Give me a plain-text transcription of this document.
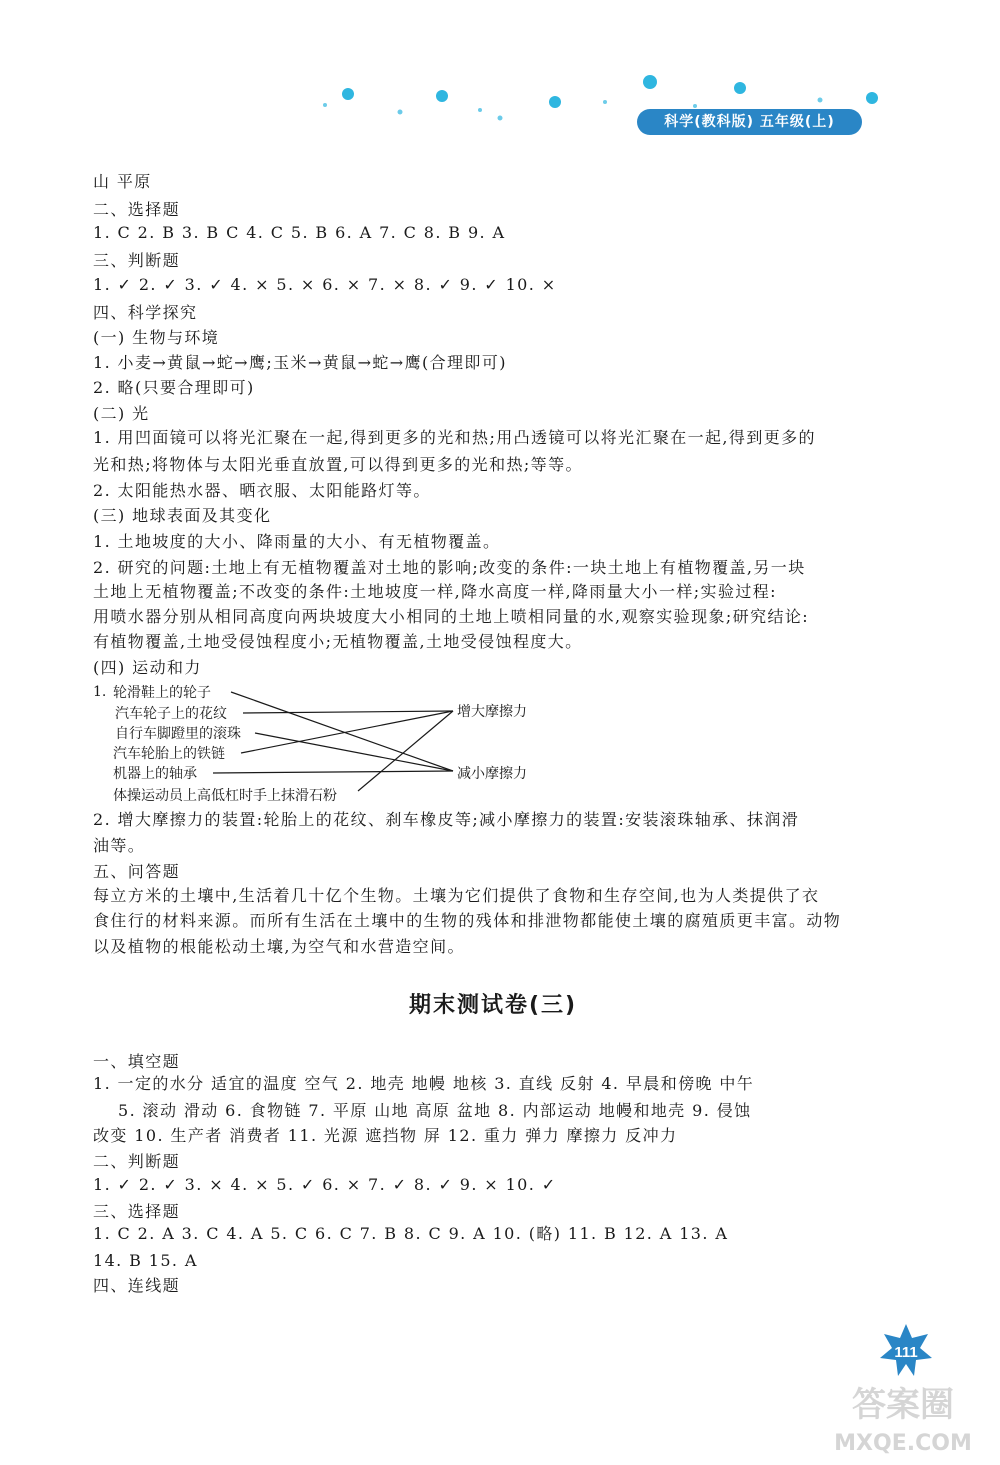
科学(教科版) 五年级(上)
山 平原
二、选择题
1. C 2. B 3. B C 4. C 5. B 6. A 7. C 8. B 9. A
三、判断题
1. ✓ 2. ✓ 3. ✓ 4. × 5. × 6. × 7. × 8. ✓ 9. ✓ 10. ×
四、科学探究
(一) 生物与环境
1. 小麦→黄鼠→蛇→鹰;玉米→黄鼠→蛇→鹰(合理即可)
2. 略(只要合理即可)
(二) 光
1. 用凹面镜可以将光汇聚在一起,得到更多的光和热;用凸透镜可以将光汇聚在一起,得到更多的
光和热;将物体与太阳光垂直放置,可以得到更多的光和热;等等。
2. 太阳能热水器、晒衣服、太阳能路灯等。
(三) 地球表面及其变化
1. 土地坡度的大小、降雨量的大小、有无植物覆盖。
2. 研究的问题:土地上有无植物覆盖对土地的影响;改变的条件:一块土地上有植物覆盖,另一块
土地上无植物覆盖;不改变的条件:土地坡度一样,降水高度一样,降雨量大小一样;实验过程:
用喷水器分别从相同高度向两块坡度大小相同的土地上喷相同量的水,观察实验现象;研究结论:
有植物覆盖,土地受侵蚀程度小;无植物覆盖,土地受侵蚀程度大。
(四) 运动和力
2. 增大摩擦力的装置:轮胎上的花纹、刹车橡皮等;减小摩擦力的装置:安装滚珠轴承、抹润滑
油等。
五、问答题
每立方米的土壤中,生活着几十亿个生物。土壤为它们提供了食物和生存空间,也为人类提供了衣
食住行的材料来源。而所有生活在土壤中的生物的残体和排泄物都能使土壤的腐殖质更丰富。动物
以及植物的根能松动土壤,为空气和水营造空间。
期末测试卷(三)
一、填空题
1. 一定的水分 适宜的温度 空气 2. 地壳 地幔 地核 3. 直线 反射 4. 早晨和傍晚 中午
5. 滚动 滑动 6. 食物链 7. 平原 山地 高原 盆地 8. 内部运动 地幔和地壳 9. 侵蚀
改变 10. 生产者 消费者 11. 光源 遮挡物 屏 12. 重力 弹力 摩擦力 反冲力
二、判断题
1. ✓ 2. ✓ 3. × 4. × 5. ✓ 6. × 7. ✓ 8. ✓ 9. × 10. ✓
三、选择题
1. C 2. A 3. C 4. A 5. C 6. C 7. B 8. C 9. A 10. (略) 11. B 12. A 13. A
14. B 15. A
四、连线题
1. 轮滑鞋上的轮子
汽车轮子上的花纹
自行车脚蹬里的滚珠
汽车轮胎上的铁链
机器上的轴承
体操运动员上高低杠时手上抹滑石粉
增大摩擦力
减小摩擦力
111
答案圈
MXQE.COM
